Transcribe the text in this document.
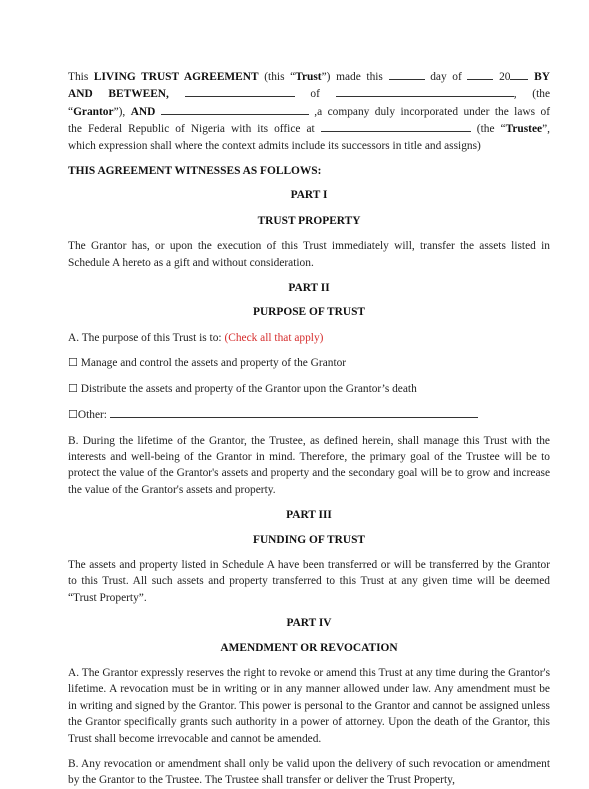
This LIVING TRUST AGREEMENT (this “Trust”) made this	day of	20 BY

AND BETWEEN,	of	, (the

“Grantor”), AND	,a company duly incorporated under the laws of

the Federal Republic of Nigeria with its office at	(the “Trustee”,

which expression shall where the context admits include its successors in title and assigns)

THIS AGREEMENT WITNESSES AS FOLLOWS:

PART I

TRUST PROPERTY

The Grantor has, or upon the execution of this Trust immediately will, transfer the assets listed in Schedule A hereto as a gift and without consideration.

PART II

PURPOSE OF TRUST

A. The purpose of this Trust is to: (Check all that apply)

☐ Manage and control the assets and property of the Grantor

☐ Distribute the assets and property of the Grantor upon the Grantor’s death

☐Other:

B. During the lifetime of the Grantor, the Trustee, as defined herein, shall manage this Trust with the interests and well-being of the Grantor in mind. Therefore, the primary goal of the Trustee will be to protect the value of the Grantor's assets and property and the secondary goal will be to grow and increase the value of the Grantor's assets and property.

PART III

FUNDING OF TRUST

The assets and property listed in Schedule A have been transferred or will be transferred by the Grantor to this Trust. All such assets and property transferred to this Trust at any given time will be deemed “Trust Property”.

PART IV

AMENDMENT OR REVOCATION

A. The Grantor expressly reserves the right to revoke or amend this Trust at any time during the Grantor's lifetime. A revocation must be in writing or in any manner allowed under law. Any amendment must be in writing and signed by the Grantor. This power is personal to the Grantor and cannot be assigned unless the Grantor specifically grants such authority in a power of attorney. Upon the death of the Grantor, this Trust shall become irrevocable and cannot be amended.

B. Any revocation or amendment shall only be valid upon the delivery of such revocation or amendment by the Grantor to the Trustee. The Trustee shall transfer or deliver the Trust Property,
